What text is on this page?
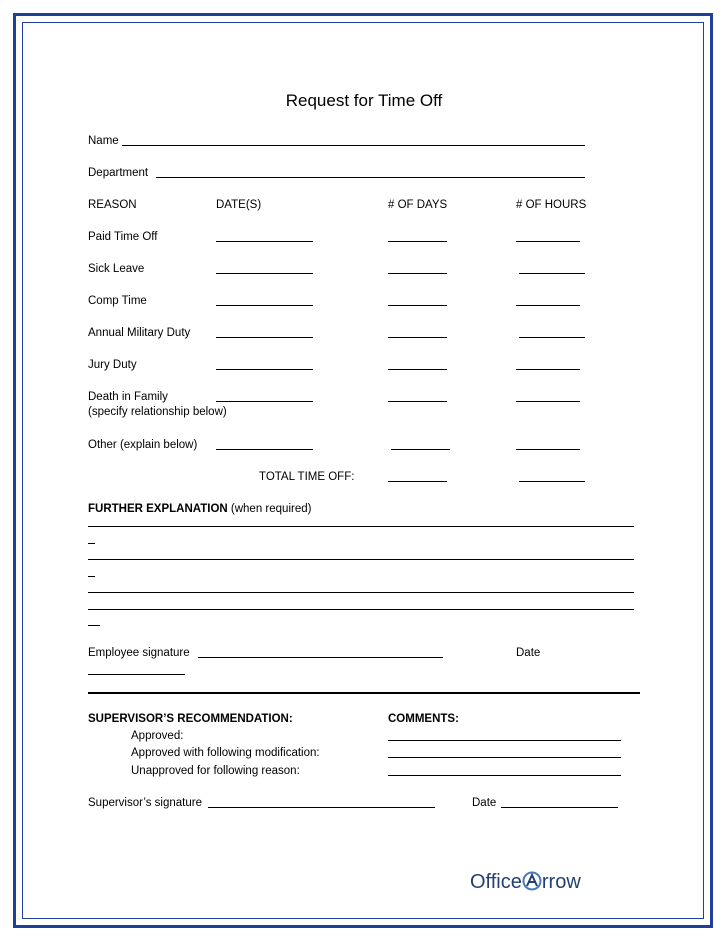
Request for Time Off
Name
Department
REASON	DATE(S)	# OF DAYS	# OF HOURS
Paid Time Off
Sick Leave
Comp Time
Annual Military Duty
Jury Duty
Death in Family
(specify relationship below)
Other (explain below)
TOTAL TIME OFF:
FURTHER EXPLANATION (when required)
Employee signature	Date
SUPERVISOR’S RECOMMENDATION:
Approved:
Approved with following modification:
Unapproved for following reason:
COMMENTS:
Supervisor’s signature	Date
Office rrow
